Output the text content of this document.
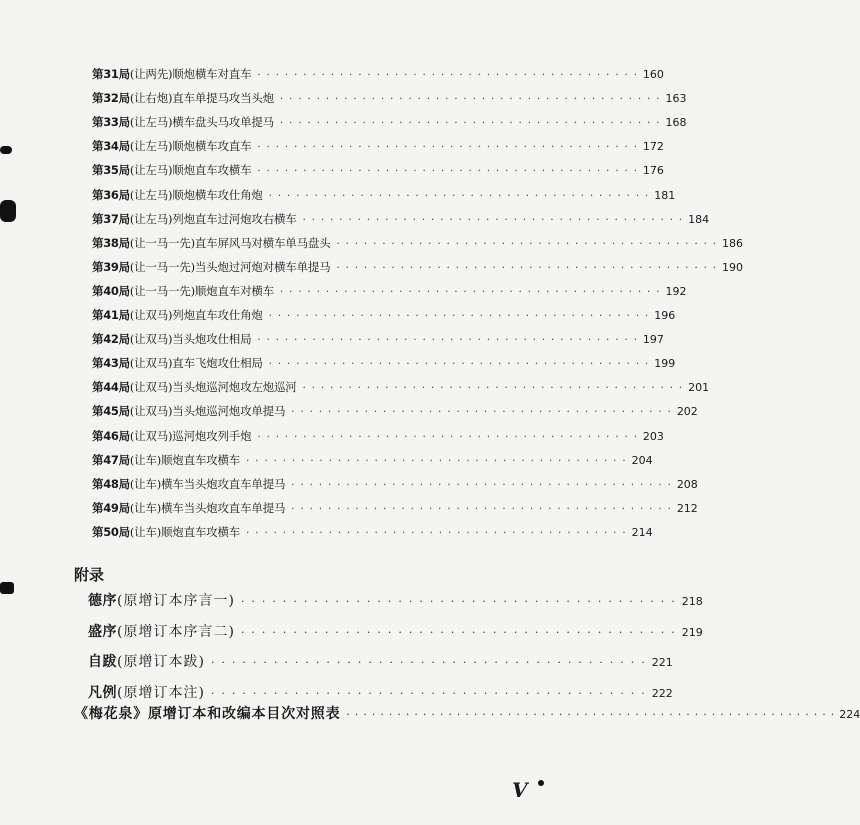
第31局 (让两先)顺炮横车对直车 ·········································· 160
第32局 (让右炮)直车单提马攻当头炮 ·········································· 163
第33局 (让左马)横车盘头马攻单提马 ·········································· 168
第34局 (让左马)顺炮横车攻直车 ·········································· 172
第35局 (让左马)顺炮直车攻横车 ·········································· 176
第36局 (让左马)顺炮横车攻仕角炮 ·········································· 181
第37局 (让左马)列炮直车过河炮攻右横车 ·········································· 184
第38局 (让一马一先)直车屏风马对横车单马盘头 ·········································· 186
第39局 (让一马一先)当头炮过河炮对横车单提马 ·········································· 190
第40局 (让一马一先)顺炮直车对横车 ·········································· 192
第41局 (让双马)列炮直车攻仕角炮 ·········································· 196
第42局 (让双马)当头炮攻仕相局 ·········································· 197
第43局 (让双马)直车飞炮攻仕相局 ·········································· 199
第44局 (让双马)当头炮巡河炮攻左炮巡河 ·········································· 201
第45局 (让双马)当头炮巡河炮攻单提马 ·········································· 202
第46局 (让双马)巡河炮攻列手炮 ·········································· 203
第47局 (让车)顺炮直车攻横车 ·········································· 204
第48局 (让车)横车当头炮攻直车单提马 ·········································· 208
第49局 (让车)横车当头炮攻直车单提马 ·········································· 212
第50局 (让车)顺炮直车攻横车 ·········································· 214
附录
德序(原增订本序言一) ·········································· 218
盛序(原增订本序言二) ·········································· 219
自跋(原增订本跋) ·········································· 221
凡例(原增订本注) ·········································· 222
《梅花泉》原增订本和改编本目次对照表 ·························································· 224
V
